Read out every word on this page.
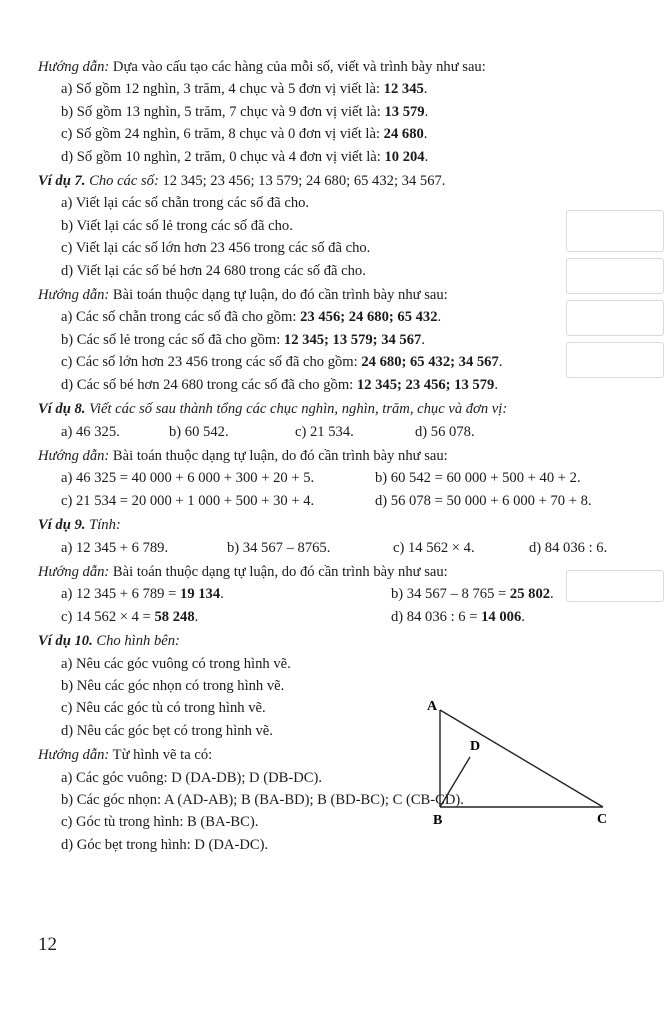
Hướng dẫn: Dựa vào cấu tạo các hàng của mỗi số, viết và trình bày như sau:
a) Số gồm 12 nghìn, 3 trăm, 4 chục và 5 đơn vị viết là: 12 345.
b) Số gồm 13 nghìn, 5 trăm, 7 chục và 9 đơn vị viết là: 13 579.
c) Số gồm 24 nghìn, 6 trăm, 8 chục và 0 đơn vị viết là: 24 680.
d) Số gồm 10 nghìn, 2 trăm, 0 chục và 4 đơn vị viết là: 10 204.
Ví dụ 7. Cho các số: 12 345; 23 456; 13 579; 24 680; 65 432; 34 567.
a) Viết lại các số chẵn trong các số đã cho.
b) Viết lại các số lẻ trong các số đã cho.
c) Viết lại các số lớn hơn 23 456 trong các số đã cho.
d) Viết lại các số bé hơn 24 680 trong các số đã cho.
Hướng dẫn: Bài toán thuộc dạng tự luận, do đó cần trình bày như sau:
a) Các số chẵn trong các số đã cho gồm: 23 456; 24 680; 65 432.
b) Các số lẻ trong các số đã cho gồm: 12 345; 13 579; 34 567.
c) Các số lớn hơn 23 456 trong các số đã cho gồm: 24 680; 65 432; 34 567.
d) Các số bé hơn 24 680 trong các số đã cho gồm: 12 345; 23 456; 13 579.
Ví dụ 8. Viết các số sau thành tổng các chục nghìn, nghìn, trăm, chục và đơn vị:
a) 46 325.	b) 60 542.	c) 21 534.	d) 56 078.
Hướng dẫn: Bài toán thuộc dạng tự luận, do đó cần trình bày như sau:
a) 46 325 = 40 000 + 6 000 + 300 + 20 + 5.	b) 60 542 = 60 000 + 500 + 40 + 2.
c) 21 534 = 20 000 + 1 000 + 500 + 30 + 4.	d) 56 078 = 50 000 + 6 000 + 70 + 8.
Ví dụ 9. Tính:
a) 12 345 + 6 789.	b) 34 567 – 8765.	c) 14 562 × 4.	d) 84 036 : 6.
Hướng dẫn: Bài toán thuộc dạng tự luận, do đó cần trình bày như sau:
a) 12 345 + 6 789 = 19 134.	b) 34 567 – 8 765 = 25 802.
c) 14 562 × 4 = 58 248.	d) 84 036 : 6 = 14 006.
Ví dụ 10. Cho hình bên:
a) Nêu các góc vuông có trong hình vẽ.
b) Nêu các góc nhọn có trong hình vẽ.
c) Nêu các góc tù có trong hình vẽ.
d) Nêu các góc bẹt có trong hình vẽ.
Hướng dẫn: Từ hình vẽ ta có:
a) Các góc vuông: D (DA-DB); D (DB-DC).
b) Các góc nhọn: A (AD-AB); B (BA-BD); B (BD-BC); C (CB-CD).
c) Góc tù trong hình: B (BA-BC).
d) Góc bẹt trong hình: D (DA-DC).
A
B	C
D
12
